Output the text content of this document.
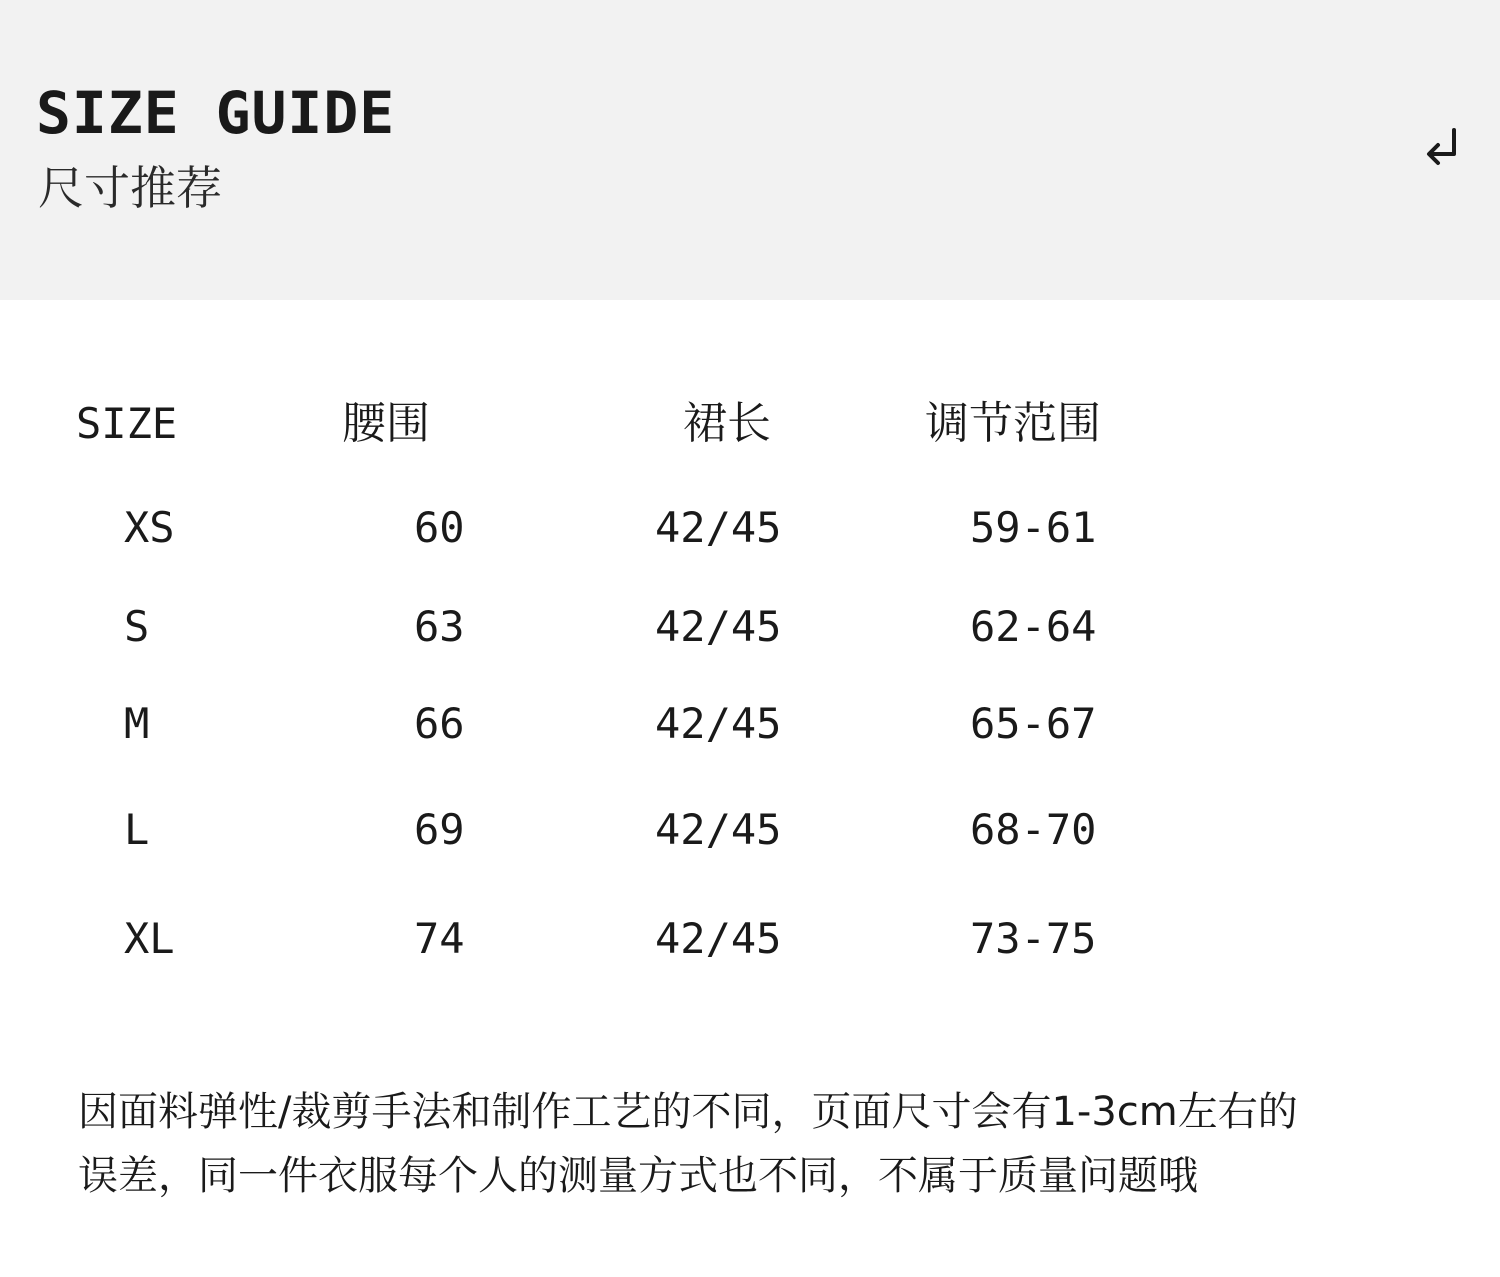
SIZE GUIDE
尺寸推荐
SIZE	腰围	裙长	调节范围
XS	60	42/45	59-61
S	63	42/45	62-64
M	66	42/45	65-67
L	69	42/45	68-70
XL	74	42/45	73-75
因面料弹性/裁剪手法和制作工艺的不同，页面尺寸会有1-3cm左右的
误差，同一件衣服每个人的测量方式也不同，不属于质量问题哦
